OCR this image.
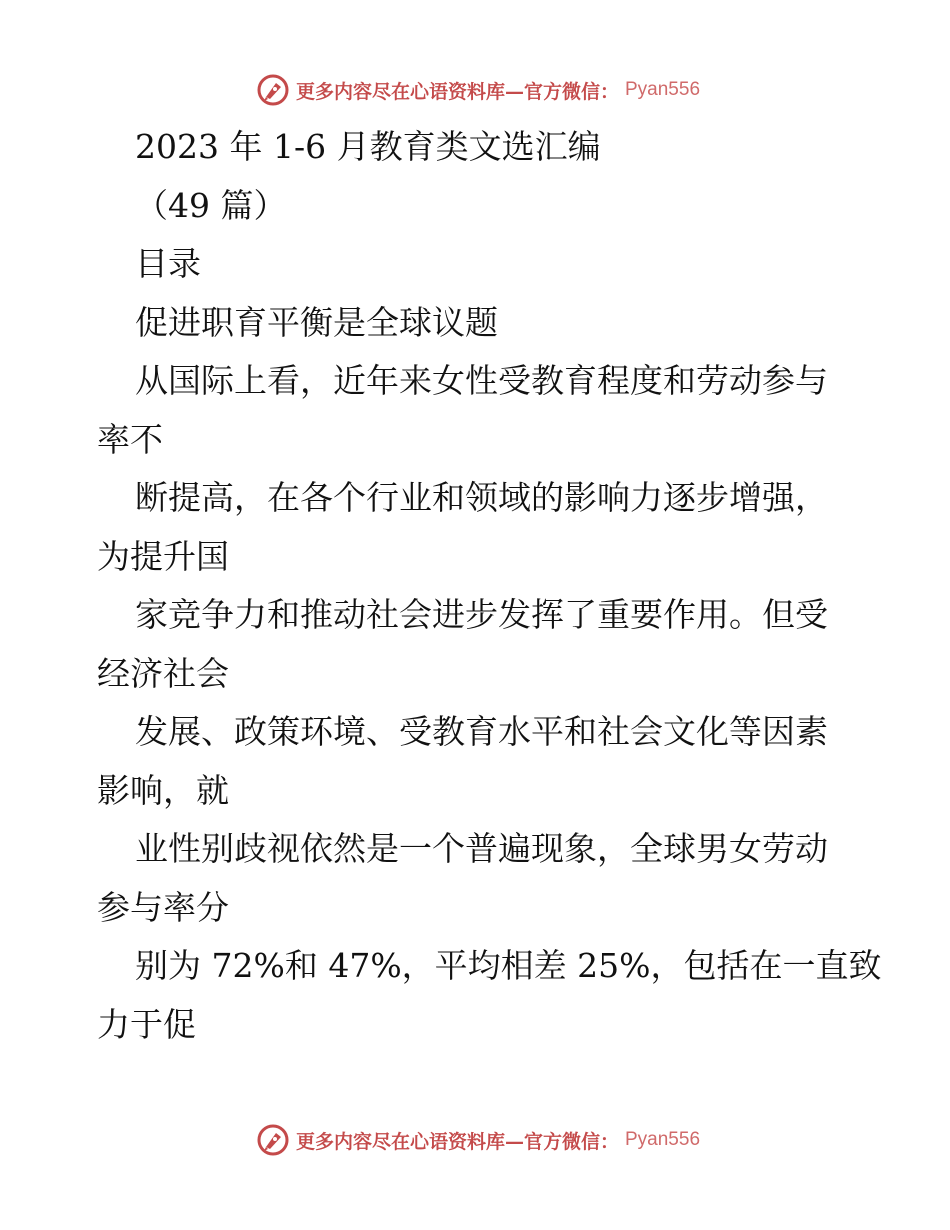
更多内容尽在心语资料库—官方微信： Pyan556
2023 年 1-6 月教育类文选汇编
（49 篇）
目录
促进职育平衡是全球议题
从国际上看，近年来女性受教育程度和劳动参与
率不
断提高，在各个行业和领域的影响力逐步增强，
为提升国
家竞争力和推动社会进步发挥了重要作用。但受
经济社会
发展、政策环境、受教育水平和社会文化等因素
影响，就
业性别歧视依然是一个普遍现象，全球男女劳动
参与率分
别为 72%和 47%，平均相差 25%，包括在一直致
力于促
更多内容尽在心语资料库—官方微信： Pyan556
